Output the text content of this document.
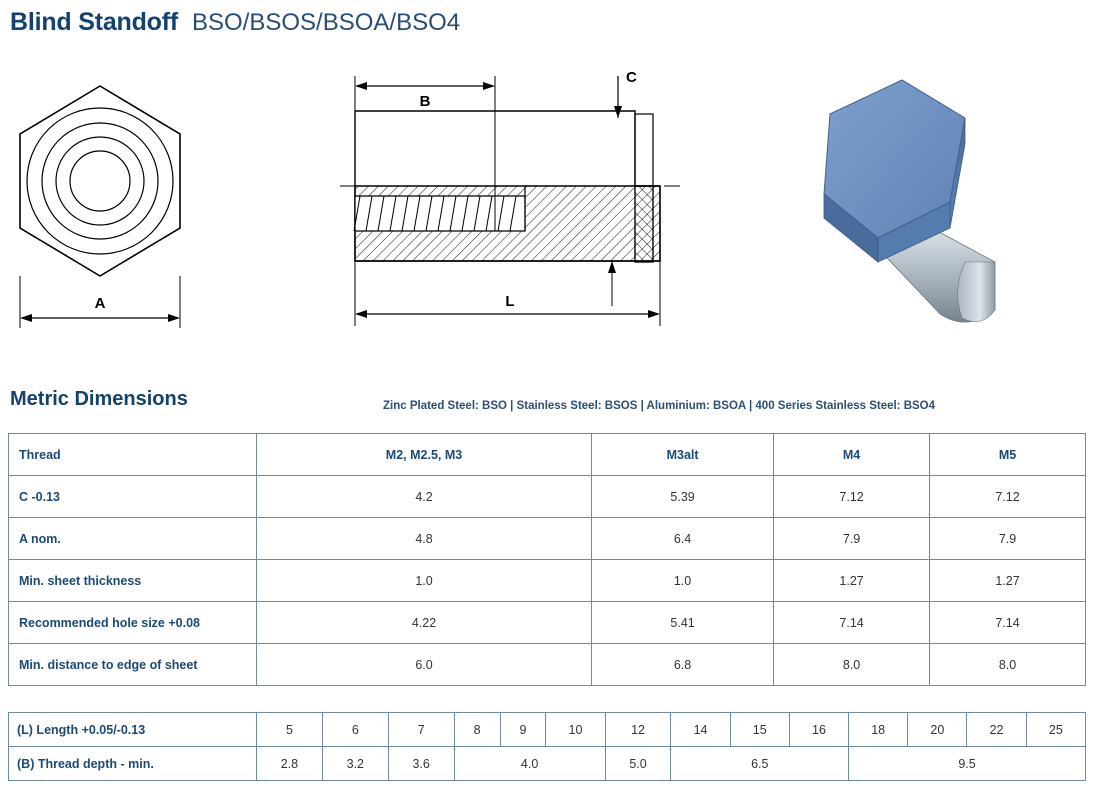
Blind Standoff BSO/BSOS/BSOA/BSO4
A
B
C
L
Metric Dimensions	Zinc Plated Steel: BSO | Stainless Steel: BSOS | Aluminium: BSOA | 400 Series Stainless Steel: BSO4
Thread	M2, M2.5, M3	M3alt	M4	M5
C -0.13	4.2	5.39	7.12	7.12
A nom.	4.8	6.4	7.9	7.9
Min. sheet thickness	1.0	1.0	1.27	1.27
Recommended hole size +0.08	4.22	5.41	7.14	7.14
Min. distance to edge of sheet	6.0	6.8	8.0	8.0
(L) Length +0.05/-0.13	5	6	7	8	9	10	12	14	15	16	18	20	22	25
(B) Thread depth - min.	2.8	3.2	3.6	4.0			5.0	6.5			9.5			
